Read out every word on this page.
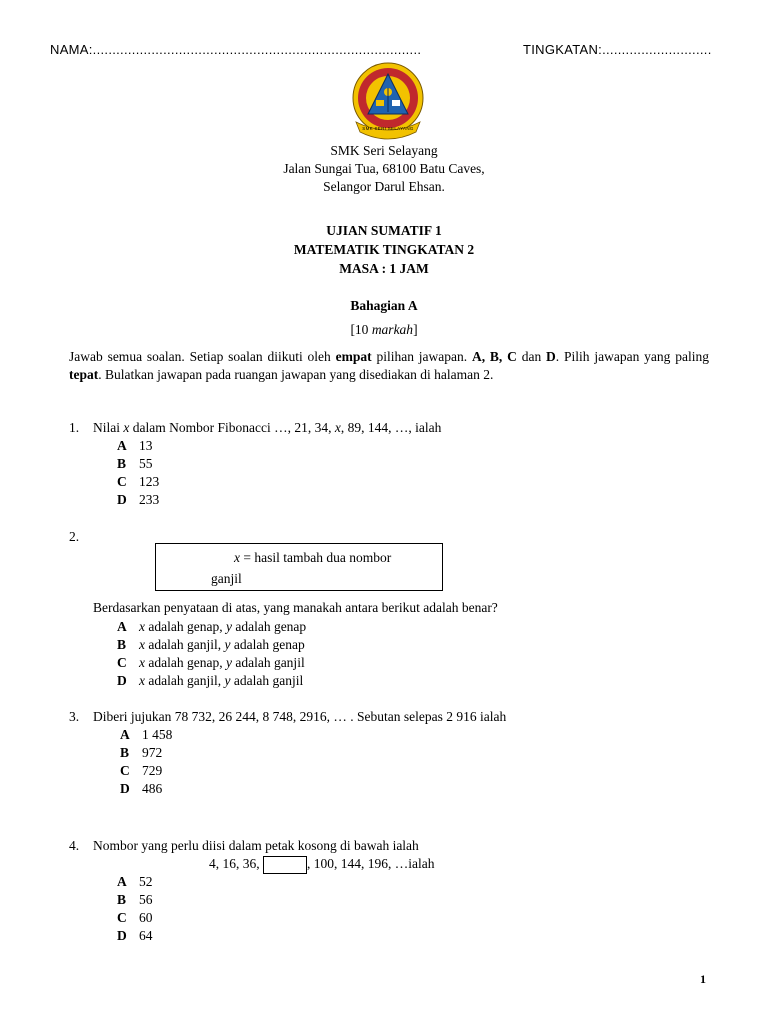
NAMA:....................................................................................	TINGKATAN:............................
SMK SERI SELAYANG
SMK Seri Selayang
Jalan Sungai Tua, 68100 Batu Caves,
Selangor Darul Ehsan.
UJIAN SUMATIF 1
MATEMATIK TINGKATAN 2
MASA : 1 JAM
Bahagian A
[10 markah]
Jawab semua soalan. Setiap soalan diikuti oleh empat pilihan jawapan. A, B, C dan D. Pilih jawapan yang paling tepat. Bulatkan jawapan pada ruangan jawapan yang disediakan di halaman 2.
1. Nilai x dalam Nombor Fibonacci …, 21, 34, x, 89, 144, …, ialah
A 13
B 55
C 123
D 233
2.
x = hasil tambah dua nombor
ganjil
Berdasarkan penyataan di atas, yang manakah antara berikut adalah benar?
A x adalah genap, y adalah genap
B x adalah ganjil, y adalah genap
C x adalah genap, y adalah ganjil
D x adalah ganjil, y adalah ganjil
3. Diberi jujukan 78 732, 26 244, 8 748, 2916, … . Sebutan selepas 2 916 ialah
A 1 458
B 972
C 729
D 486
4. Nombor yang perlu diisi dalam petak kosong di bawah ialah
4, 16, 36,	, 100, 144, 196, …ialah
A 52
B 56
C 60
D 64
1
